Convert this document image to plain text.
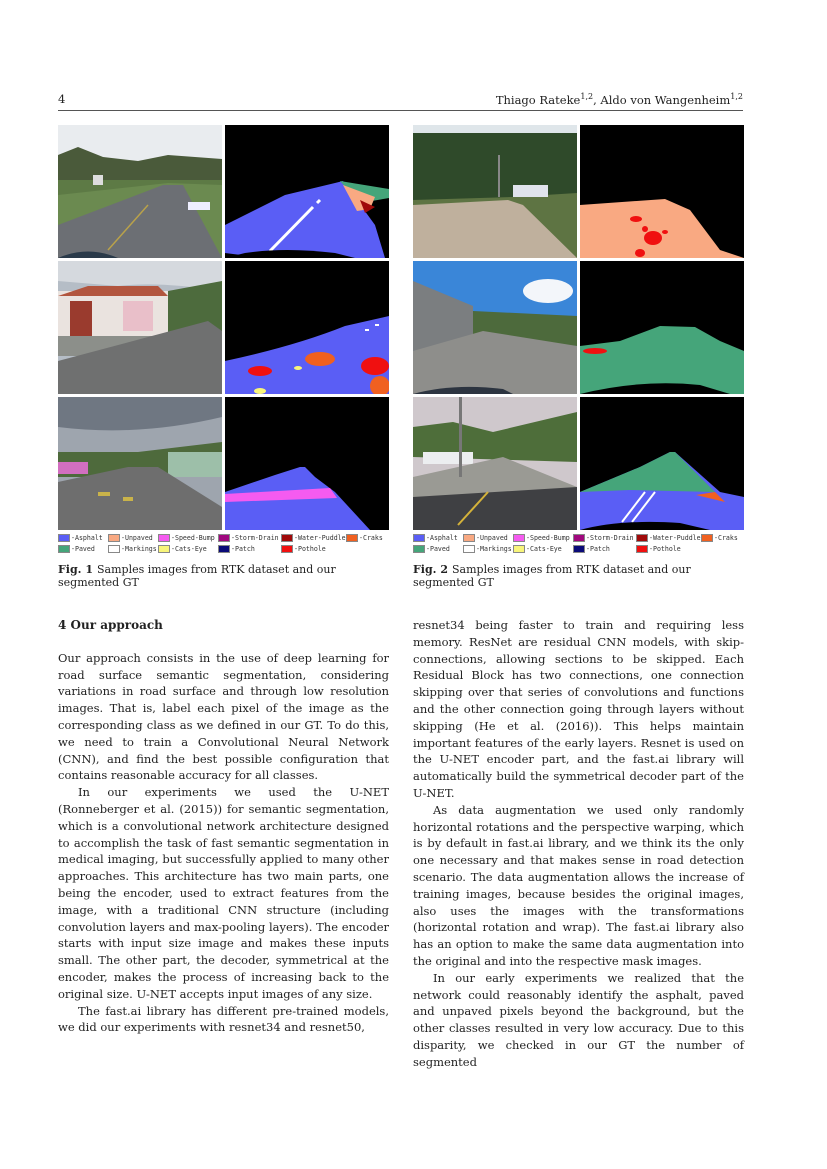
4	Thiago Rateke$^{1,2}$, Aldo von Wangenheim$^{1,2}$
-Asphalt	-Unpaved	-Speed-Bump -Storm-Drain -Water-Puddle -Craks
-Paved	-Markings -Cats-Eye	-Patch	-Pothole
Fig. 1 Samples images from RTK dataset and our segmented GT
-Asphalt	-Unpaved	-Speed-Bump -Storm-Drain -Water-Puddle -Craks
-Paved	-Markings -Cats-Eye	-Patch	-Pothole
Fig. 2 Samples images from RTK dataset and our segmented GT
4 Our approach

Our approach consists in the use of deep learning for road surface semantic segmentation, considering variations in road surface and through low resolution images. That is, label each pixel of the image as the corresponding class as we defined in our GT. To do this, we need to train a Convolutional Neural Network (CNN), and find the best possible configuration that contains reasonable accuracy for all classes.

In our experiments we used the U-NET (Ronneberger et al. (2015)) for semantic segmentation, which is a convolutional network architecture designed to accomplish the task of fast semantic segmentation in medical imaging, but successfully applied to many other approaches. This architecture has two main parts, one being the encoder, used to extract features from the image, with a traditional CNN structure (including convolution layers and max-pooling layers). The encoder starts with input size image and makes these inputs small. The other part, the decoder, symmetrical at the encoder, makes the process of increasing back to the original size. U-NET accepts input images of any size.

The fast.ai library has different pre-trained models, we did our experiments with resnet34 and resnet50,

resnet34 being faster to train and requiring less memory. ResNet are residual CNN models, with skip-connections, allowing sections to be skipped. Each Residual Block has two connections, one connection skipping over that series of convolutions and functions and the other connection going through layers without skipping (He et al. (2016)). This helps maintain important features of the early layers. Resnet is used on the U-NET encoder part, and the fast.ai library will automatically build the symmetrical decoder part of the U-NET.

As data augmentation we used only randomly horizontal rotations and the perspective warping, which is by default in fast.ai library, and we think its the only one necessary and that makes sense in road detection scenario. The data augmentation allows the increase of training images, because besides the original images, also uses the images with the transformations (horizontal rotation and wrap). The fast.ai library also has an option to make the same data augmentation into the original and into the respective mask images.

In our early experiments we realized that the network could reasonably identify the asphalt, paved and unpaved pixels beyond the background, but the other classes resulted in very low accuracy. Due to this disparity, we checked in our GT the number of segmented
